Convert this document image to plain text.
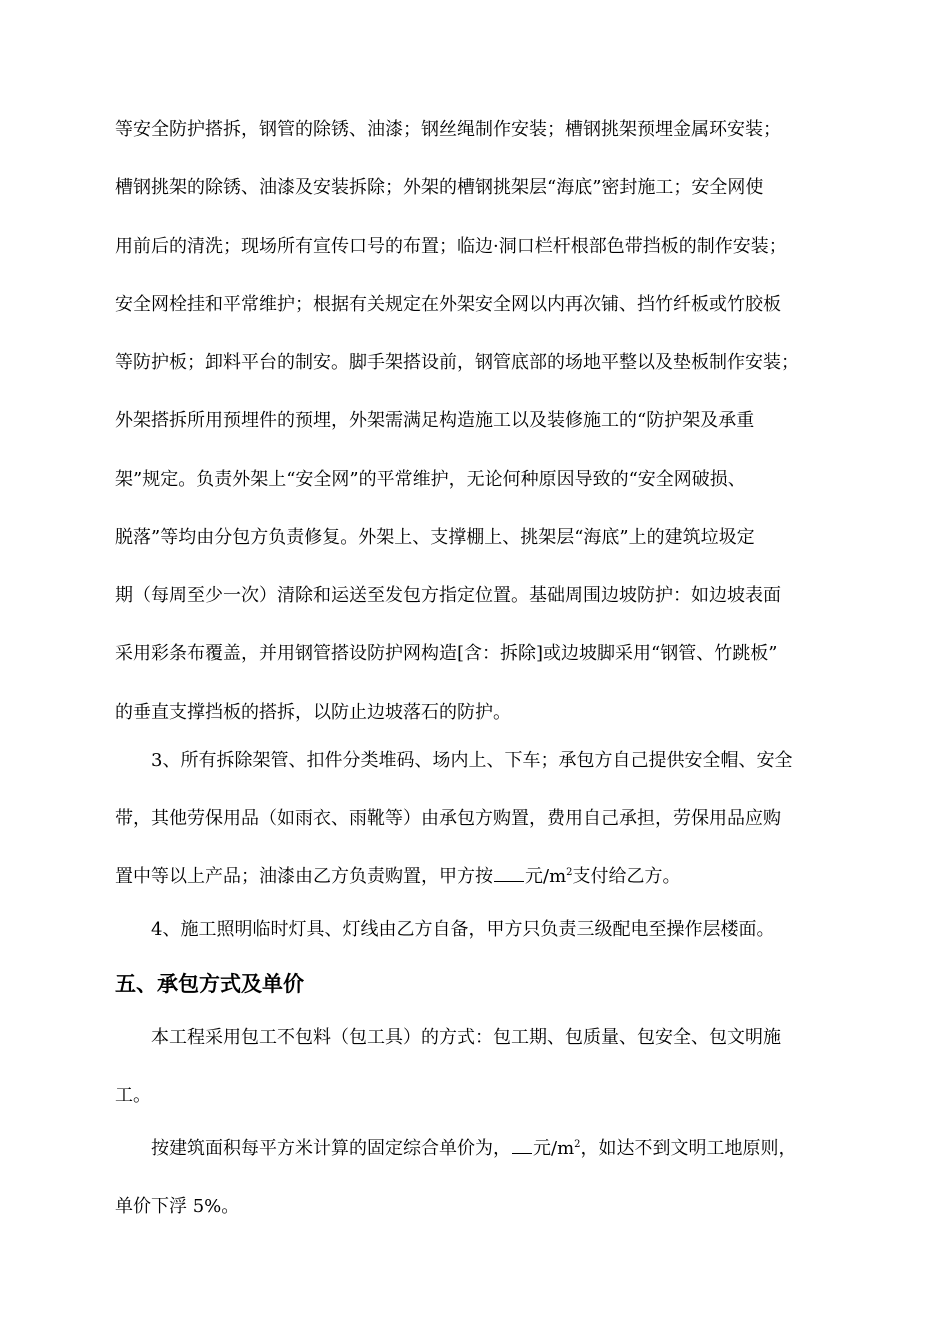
等安全防护搭拆，钢管的除锈、油漆；钢丝绳制作安装；槽钢挑架预埋金属环安装；
槽钢挑架的除锈、油漆及安装拆除；外架的槽钢挑架层“海底”密封施工；安全网使
用前后的清洗；现场所有宣传口号的布置；临边·洞口栏杆根部色带挡板的制作安装；
安全网栓挂和平常维护；根据有关规定在外架安全网以内再次铺、挡竹纤板或竹胶板
等防护板；卸料平台的制安。脚手架搭设前，钢管底部的场地平整以及垫板制作安装；
外架搭拆所用预埋件的预埋，外架需满足构造施工以及装修施工的“防护架及承重
架”规定。负责外架上“安全网”的平常维护，无论何种原因导致的“安全网破损、
脱落”等均由分包方负责修复。外架上、支撑棚上、挑架层“海底”上的建筑垃圾定
期（每周至少一次）清除和运送至发包方指定位置。基础周围边坡防护：如边坡表面
采用彩条布覆盖，并用钢管搭设防护网构造[含：拆除]或边坡脚采用“钢管、竹跳板”
的垂直支撑挡板的搭拆，以防止边坡落石的防护。
3、所有拆除架管、扣件分类堆码、场内上、下车；承包方自己提供安全帽、安全
带，其他劳保用品（如雨衣、雨靴等）由承包方购置，费用自己承担，劳保用品应购
置中等以上产品；油漆由乙方负责购置，甲方按 元$/m^2$支付给乙方。
4、施工照明临时灯具、灯线由乙方自备，甲方只负责三级配电至操作层楼面。
五、承包方式及单价
本工程采用包工不包料（包工具）的方式：包工期、包质量、包安全、包文明施
工。
按建筑面积每平方米计算的固定综合单价为， 元$/m^2$，如达不到文明工地原则，
单价下浮 5%。
